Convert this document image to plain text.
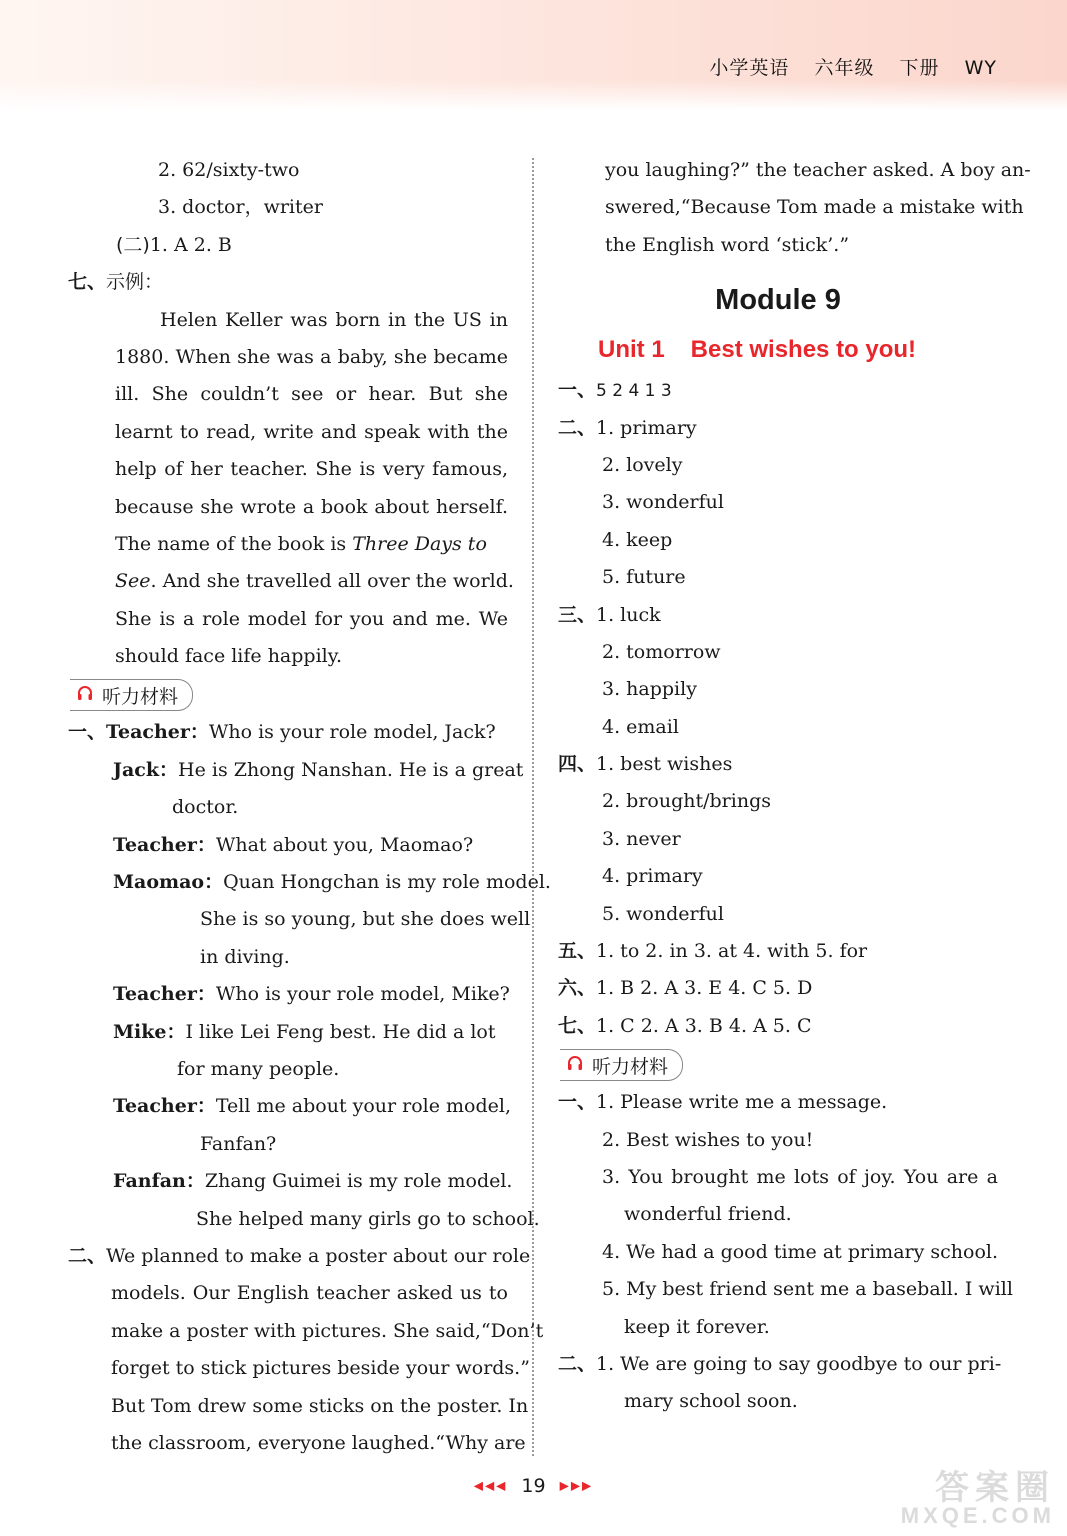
小学英语 六年级 下册 WY
2. 62/sixty-two
3. doctor，writer
(二)1. A 2. B
七、示例：
Helen Keller was born in the US in
1880. When she was a baby, she became
ill. She couldn’t see or hear. But she
learnt to read, write and speak with the
help of her teacher. She is very famous,
because she wrote a book about herself.
The name of the book is Three Days to
See. And she travelled all over the world.
She is a role model for you and me. We
should face life happily.
听力材料
一、Teacher：Who is your role model, Jack?
Jack：He is Zhong Nanshan. He is a great
doctor.
Teacher：What about you, Maomao?
Maomao：Quan Hongchan is my role model.
She is so young, but she does well
in diving.
Teacher：Who is your role model, Mike?
Mike：I like Lei Feng best. He did a lot
for many people.
Teacher：Tell me about your role model,
Fanfan?
Fanfan：Zhang Guimei is my role model.
She helped many girls go to school.
二、We planned to make a poster about our role
models. Our English teacher asked us to
make a poster with pictures. She said,“Don’t
forget to stick pictures beside your words.”
But Tom drew some sticks on the poster. In
the classroom, everyone laughed.“Why are
you laughing?” the teacher asked. A boy an-
swered,“Because Tom made a mistake with
the English word ‘stick’.”
Module 9
Unit 1 Best wishes to you!
一、5 2 4 1 3
二、1. primary
2. lovely
3. wonderful
4. keep
5. future
三、1. luck
2. tomorrow
3. happily
4. email
四、1. best wishes
2. brought/brings
3. never
4. primary
5. wonderful
五、1. to 2. in 3. at 4. with 5. for
六、1. B 2. A 3. E 4. C 5. D
七、1. C 2. A 3. B 4. A 5. C
听力材料
一、1. Please write me a message.
2. Best wishes to you!
3. You brought me lots of joy. You are a
wonderful friend.
4. We had a good time at primary school.
5. My best friend sent me a baseball. I will
keep it forever.
二、1. We are going to say goodbye to our pri-
mary school soon.
◀◀◀ 19 ▶▶▶	答案圈
MXQE.COM
